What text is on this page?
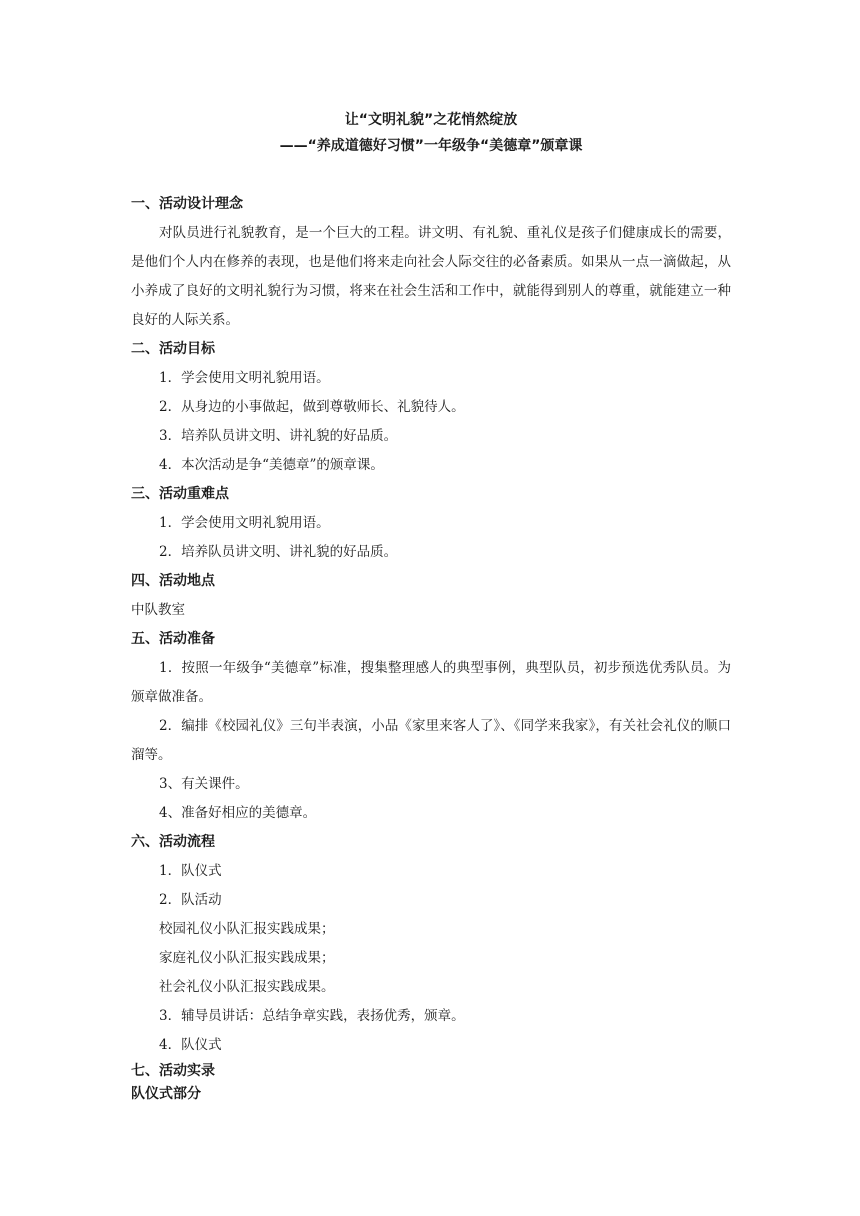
让“文明礼貌”之花悄然绽放
——“养成道德好习惯”一年级争“美德章”颁章课
一、活动设计理念
对队员进行礼貌教育，是一个巨大的工程。讲文明、有礼貌、重礼仪是孩子们健康成长的需要，是他们个人内在修养的表现，也是他们将来走向社会人际交往的必备素质。如果从一点一滴做起，从小养成了良好的文明礼貌行为习惯，将来在社会生活和工作中，就能得到别人的尊重，就能建立一种良好的人际关系。
二、活动目标
1．学会使用文明礼貌用语。
2．从身边的小事做起，做到尊敬师长、礼貌待人。
3．培养队员讲文明、讲礼貌的好品质。
4．本次活动是争“美德章”的颁章课。
三、活动重难点
1．学会使用文明礼貌用语。
2．培养队员讲文明、讲礼貌的好品质。
四、活动地点
中队教室
五、活动准备
1．按照一年级争“美德章”标准，搜集整理感人的典型事例，典型队员，初步预选优秀队员。为颁章做准备。
2．编排《校园礼仪》三句半表演，小品《家里来客人了》、《同学来我家》，有关社会礼仪的顺口溜等。
3、有关课件。
4、准备好相应的美德章。
六、活动流程
1．队仪式
2．队活动
校园礼仪小队汇报实践成果；
家庭礼仪小队汇报实践成果；
社会礼仪小队汇报实践成果。
3．辅导员讲话：总结争章实践，表扬优秀，颁章。
4．队仪式
七、活动实录
队仪式部分
